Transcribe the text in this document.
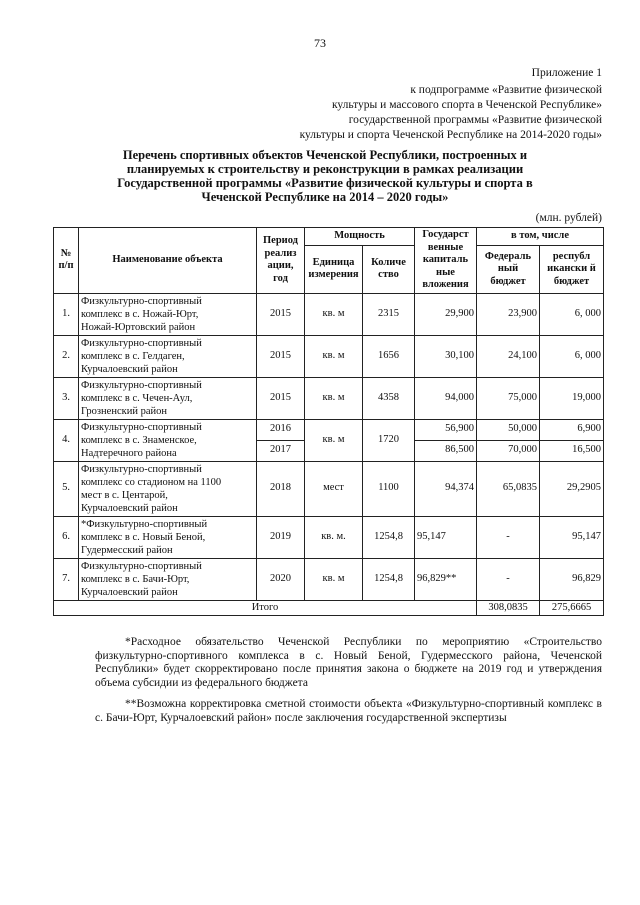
73
Приложение 1
к подпрограмме «Развитие физической
культуры и массового спорта в Чеченской Республике»
государственной программы «Развитие физической
культуры и спорта Чеченской Республике на 2014-2020 годы»
Перечень спортивных объектов Чеченской Республики, построенных и
планируемых к строительству и реконструкции в рамках реализации
Государственной программы «Развитие физической культуры и спорта в
Чеченской Республике на 2014 – 2020 годы»
(млн. рублей)
№ п/п	Наименование объекта	Период реализ ации, год	Мощность		Государст венные капиталь ные вложения	в том, числе	
			Единица измерения	Количе ство		Федераль ный бюджет	республ икански й бюджет
1.	Физкультурно-спортивный
комплекс в с. Ножай-Юрт,
Ножай-Юртовский район	2015	кв. м	2315	29,900	23,900	6, 000
2.	Физкультурно-спортивный
комплекс в с. Гелдаген,
Курчалоевский район	2015	кв. м	1656	30,100	24,100	6, 000
3.	Физкультурно-спортивный
комплекс в с. Чечен-Аул,
Грозненский район	2015	кв. м	4358	94,000	75,000	19,000
4.	Физкультурно-спортивный
комплекс в с. Знаменское,
Надтеречного района	2016	кв. м	1720	56,900	50,000	6,900
		2017			86,500	70,000	16,500
5.	Физкультурно-спортивный
комплекс со стадионом на 1100
мест в с. Центарой,
Курчалоевский район	2018	мест	1100	94,374	65,0835	29,2905
6.	*Физкультурно-спортивный
комплекс в с. Новый Беной,
Гудермесский район	2019	кв. м.	1254,8	95,147	-	95,147
7.	Физкультурно-спортивный
комплекс в с. Бачи-Юрт,
Курчалоевский район	2020	кв. м	1254,8	96,829**	-	96,829
Итого						308,0835	275,6665

*Расходное обязательство Чеченской Республики по мероприятию «Строительство физкультурно-спортивного комплекса в с. Новый Беной, Гудермесского района, Чеченской Республики» будет скорректировано после принятия закона о бюджете на 2019 год и утверждения объема субсидии из федерального бюджета

**Возможна корректировка сметной стоимости объекта «Физкультурно-спортивный комплекс в с. Бачи-Юрт, Курчалоевский район» после заключения государственной экспертизы
